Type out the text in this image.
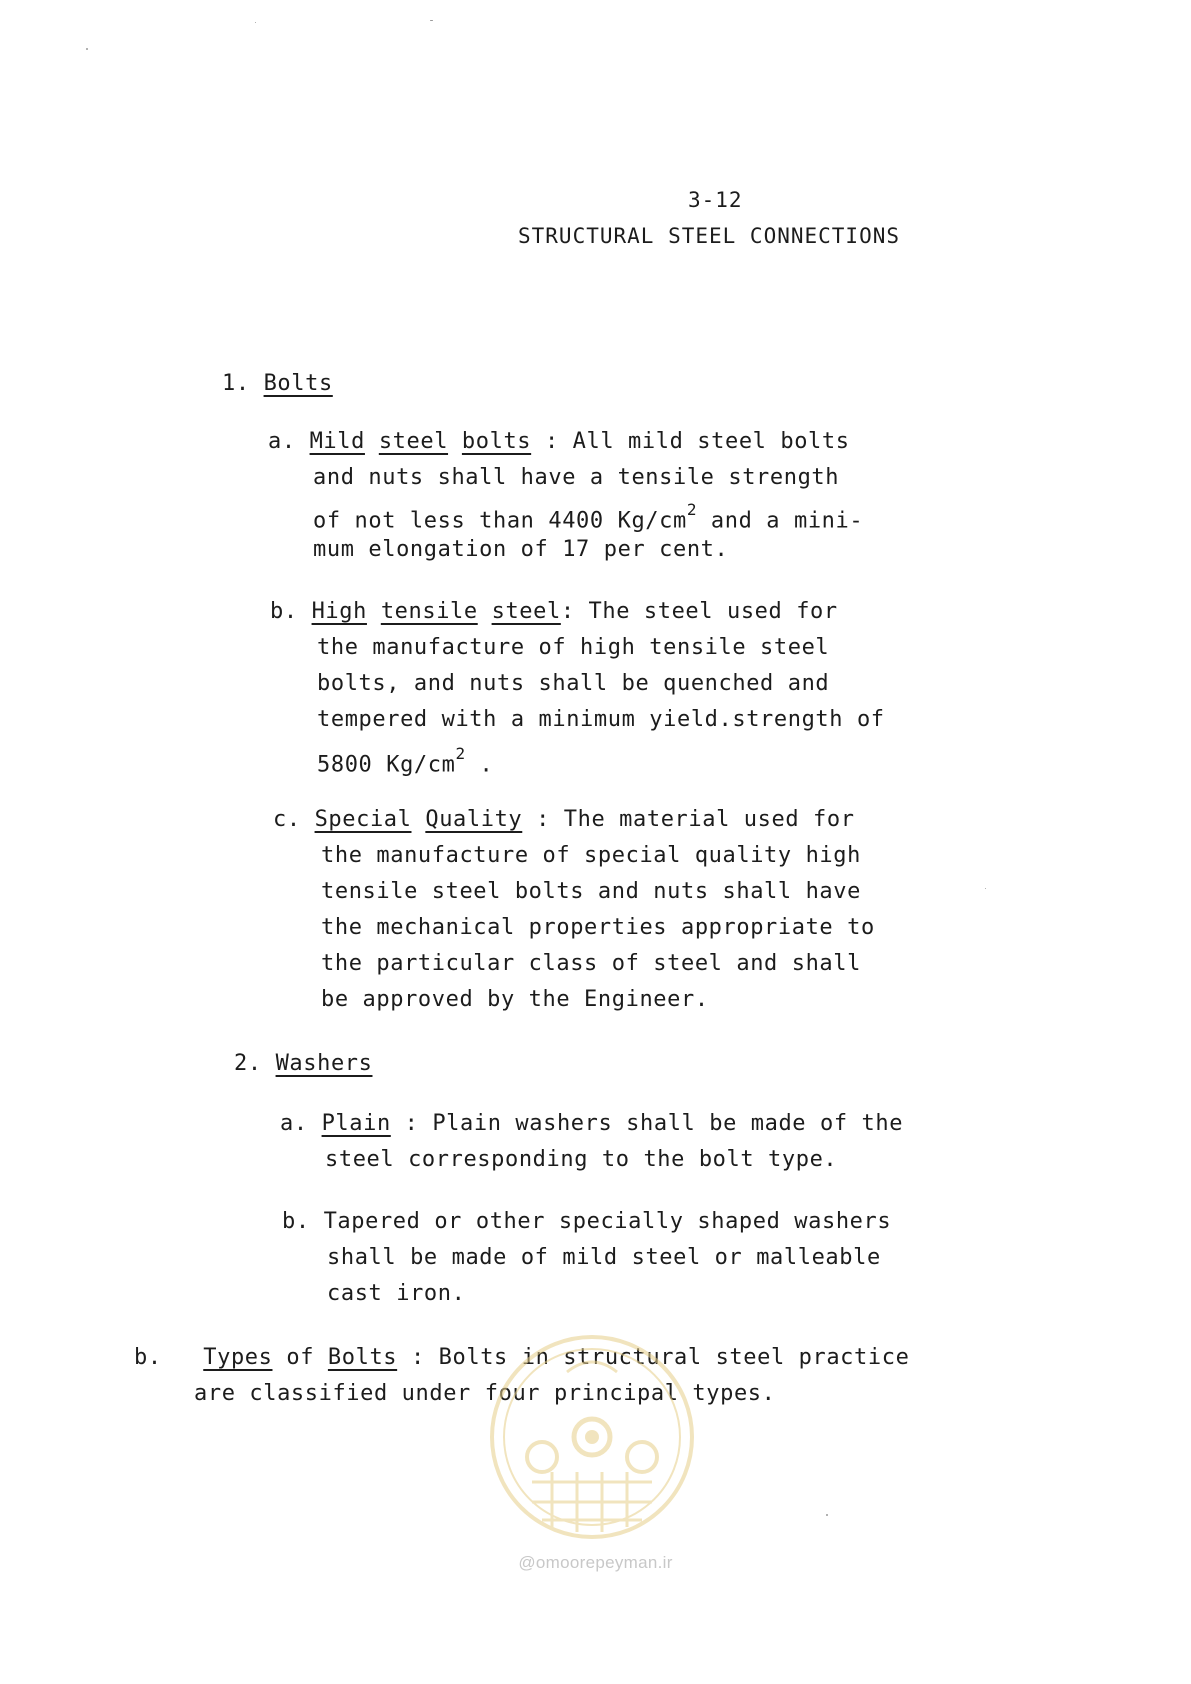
3-12
STRUCTURAL STEEL CONNECTIONS
1. Bolts
a. Mild steel bolts : All mild steel bolts
and nuts shall have a tensile strength
of not less than 4400 $Kg/cm^2$ and a mini-
mum elongation of 17 per cent.
b. High tensile steel: The steel used for
the manufacture of high tensile steel
bolts, and nuts shall be quenched and
tempered with a minimum yield.strength of
5800 $Kg/cm^2$ .
c. Special Quality : The material used for
the manufacture of special quality high
tensile steel bolts and nuts shall have
the mechanical properties appropriate to
the particular class of steel and shall
be approved by the Engineer.
2. Washers
a. Plain : Plain washers shall be made of the
steel corresponding to the bolt type.
b. Tapered or other specially shaped washers
shall be made of mild steel or malleable
cast iron.
b. Types of Bolts : Bolts in structural steel practice
are classified under four principal types.
@omoorepeyman.ir
